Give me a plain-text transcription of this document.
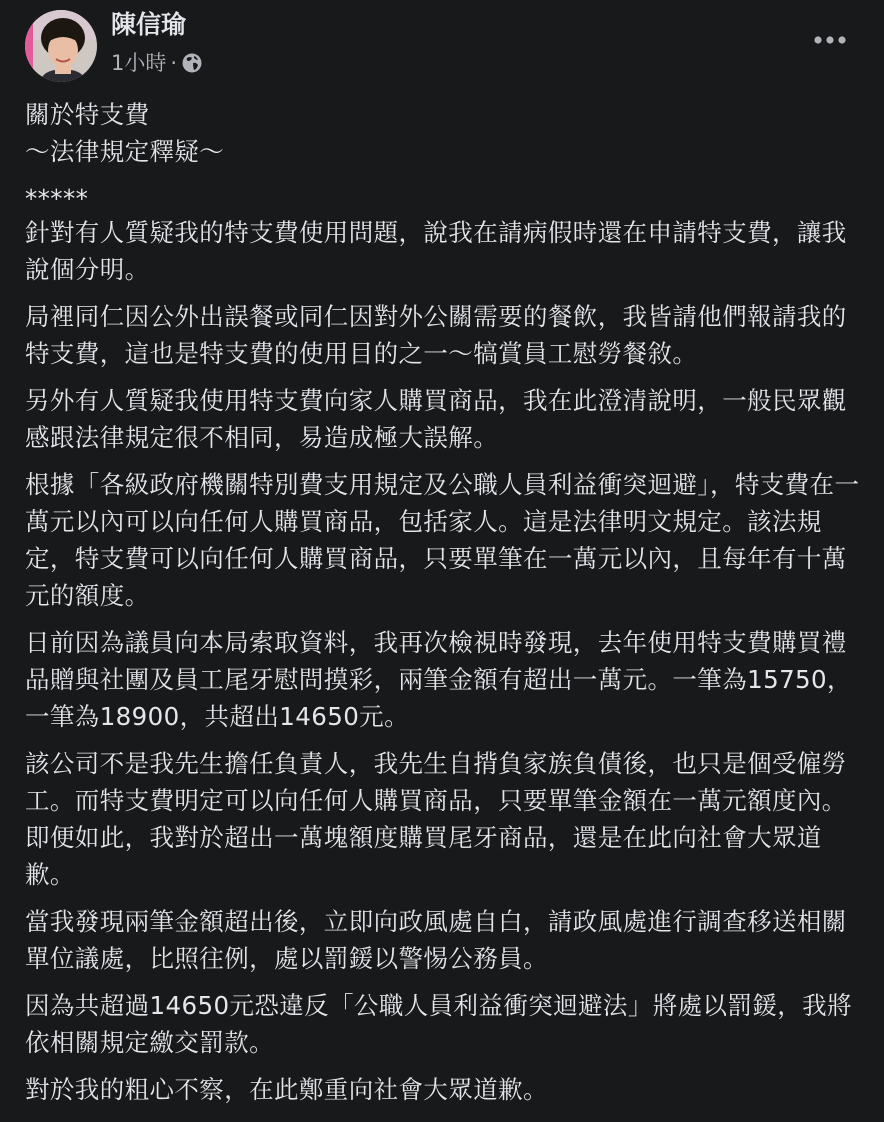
陳信瑜
1小時 ·

關於特支費
～法律規定釋疑～

*****

針對有人質疑我的特支費使用問題，說我在請病假時還在申請特支費，讓我說個分明。

局裡同仁因公外出誤餐或同仁因對外公關需要的餐飲，我皆請他們報請我的特支費，這也是特支費的使用目的之一～犒賞員工慰勞餐敘。

另外有人質疑我使用特支費向家人購買商品，我在此澄清說明，一般民眾觀感跟法律規定很不相同，易造成極大誤解。

根據「各級政府機關特別費支用規定及公職人員利益衝突迴避」，特支費在一萬元以內可以向任何人購買商品，包括家人。這是法律明文規定。該法規定，特支費可以向任何人購買商品，只要單筆在一萬元以內，且每年有十萬元的額度。

日前因為議員向本局索取資料，我再次檢視時發現，去年使用特支費購買禮品贈與社團及員工尾牙慰問摸彩，兩筆金額有超出一萬元。一筆為15750，一筆為18900，共超出14650元。

該公司不是我先生擔任負責人，我先生自揹負家族負債後，也只是個受僱勞工。而特支費明定可以向任何人購買商品，只要單筆金額在一萬元額度內。即便如此，我對於超出一萬塊額度購買尾牙商品，還是在此向社會大眾道歉。

當我發現兩筆金額超出後，立即向政風處自白，請政風處進行調查移送相關單位議處，比照往例，處以罰鍰以警惕公務員。

因為共超過14650元恐違反「公職人員利益衝突迴避法」將處以罰鍰，我將依相關規定繳交罰款。

對於我的粗心不察，在此鄭重向社會大眾道歉。
